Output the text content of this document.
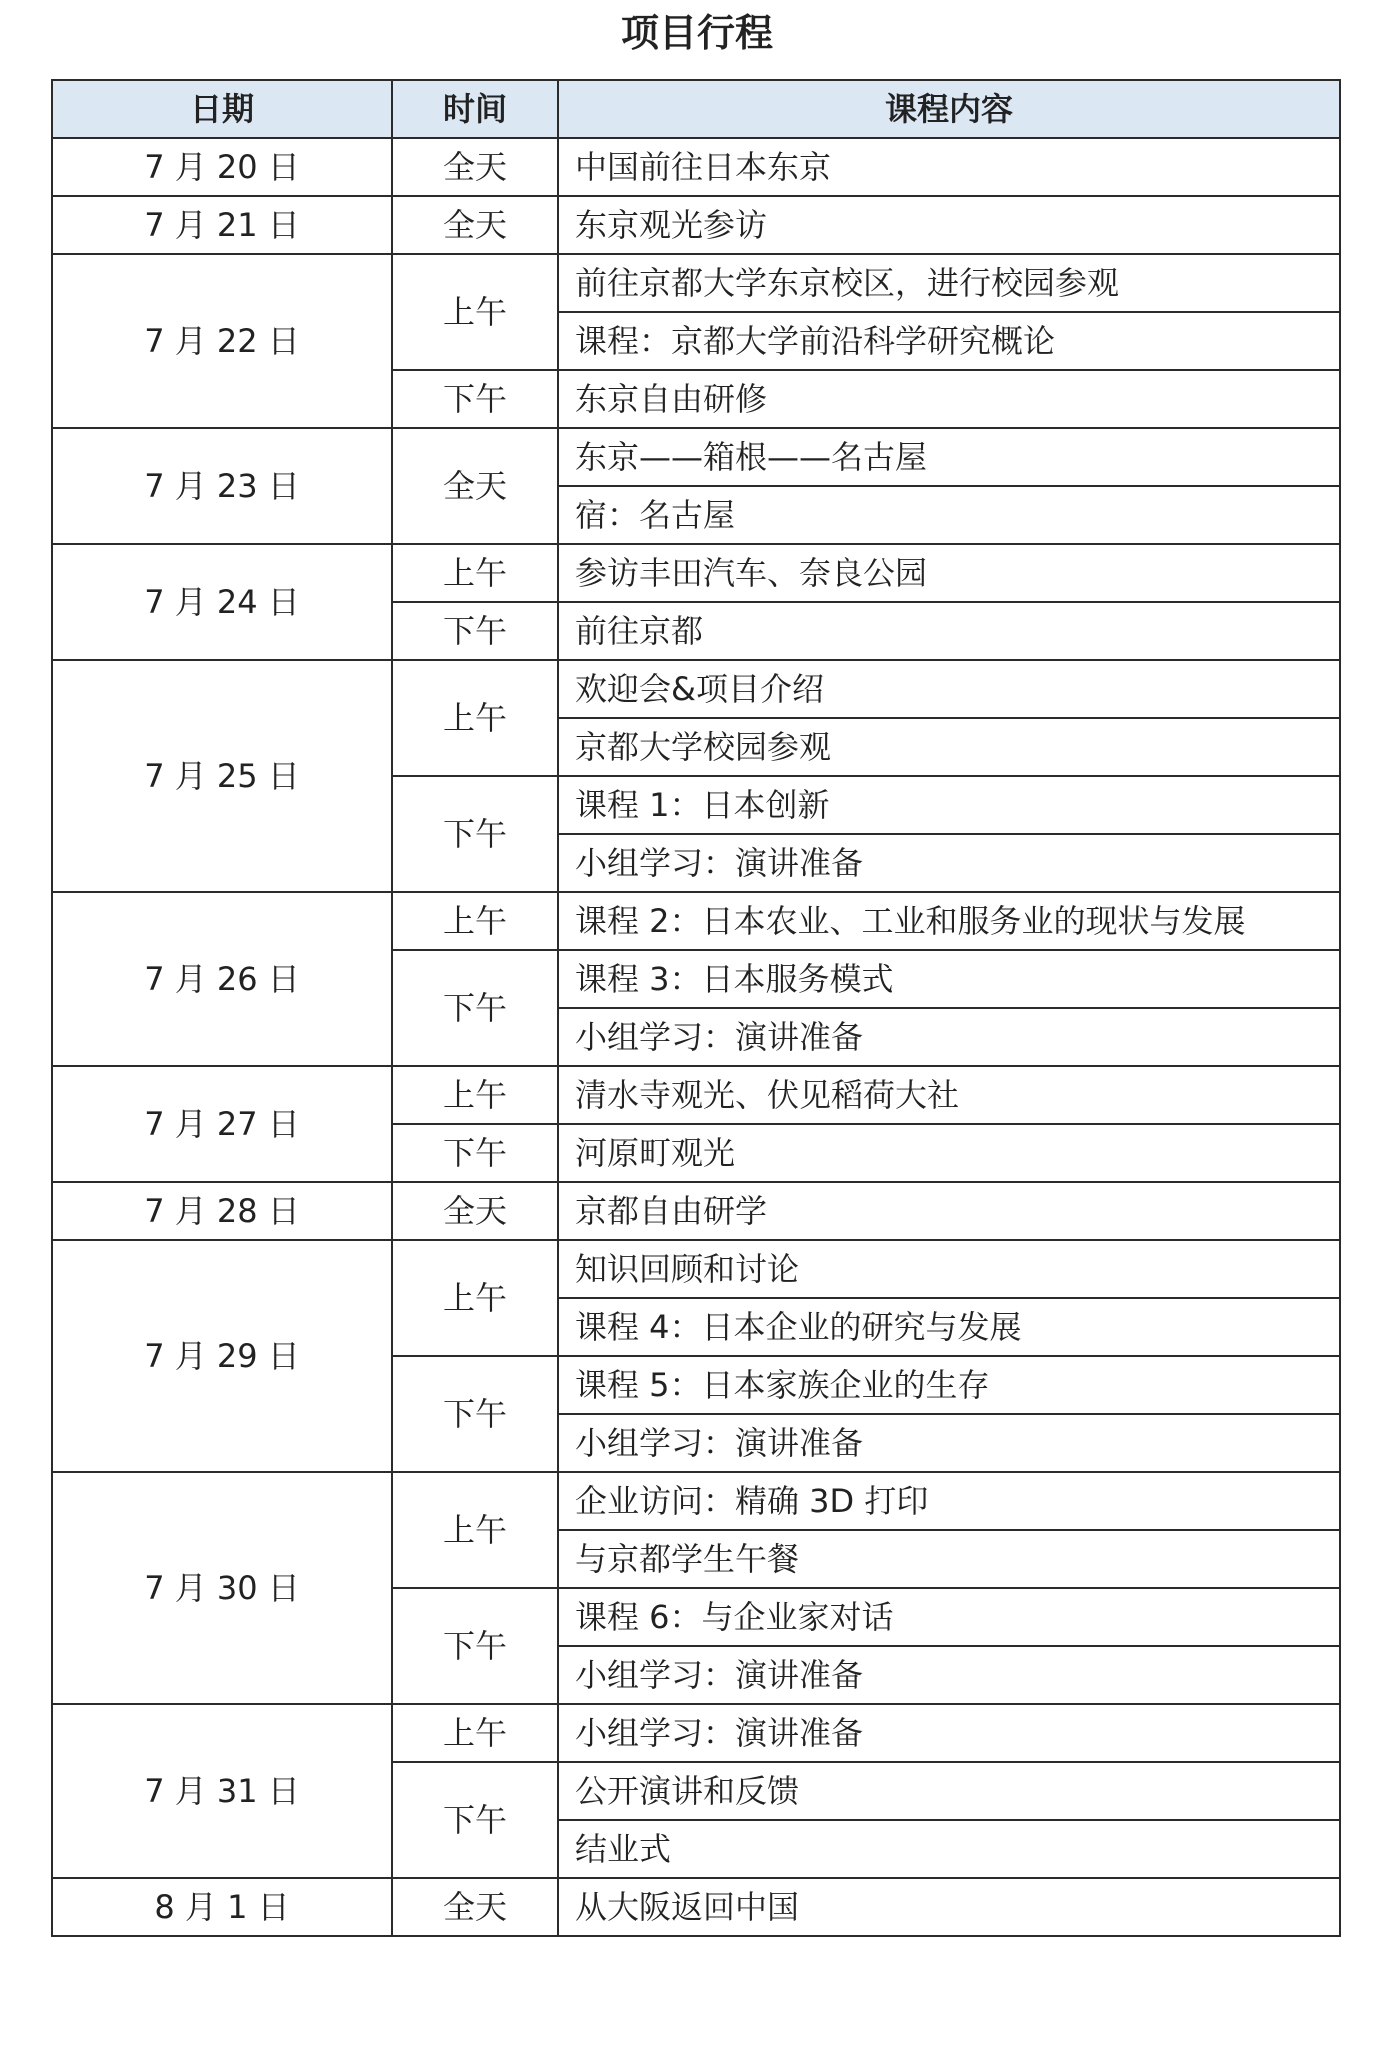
项目行程
日期	时间	课程内容
7 月 20 日	全天	中国前往日本东京
7 月 21 日	全天	东京观光参访
7 月 22 日	上午	前往京都大学东京校区，进行校园参观
		课程：京都大学前沿科学研究概论
	下午	东京自由研修
7 月 23 日	全天	东京——箱根——名古屋
		宿：名古屋
7 月 24 日	上午	参访丰田汽车、奈良公园
	下午	前往京都
7 月 25 日	上午	欢迎会&项目介绍
		京都大学校园参观
	下午	课程 1：日本创新
		小组学习：演讲准备
7 月 26 日	上午	课程 2：日本农业、工业和服务业的现状与发展
	下午	课程 3：日本服务模式
		小组学习：演讲准备
7 月 27 日	上午	清水寺观光、伏见稻荷大社
	下午	河原町观光
7 月 28 日	全天	京都自由研学
7 月 29 日	上午	知识回顾和讨论
		课程 4：日本企业的研究与发展
	下午	课程 5：日本家族企业的生存
		小组学习：演讲准备
7 月 30 日	上午	企业访问：精确 3D 打印
		与京都学生午餐
	下午	课程 6：与企业家对话
		小组学习：演讲准备
7 月 31 日	上午	小组学习：演讲准备
	下午	公开演讲和反馈
		结业式
8 月 1 日	全天	从大阪返回中国
